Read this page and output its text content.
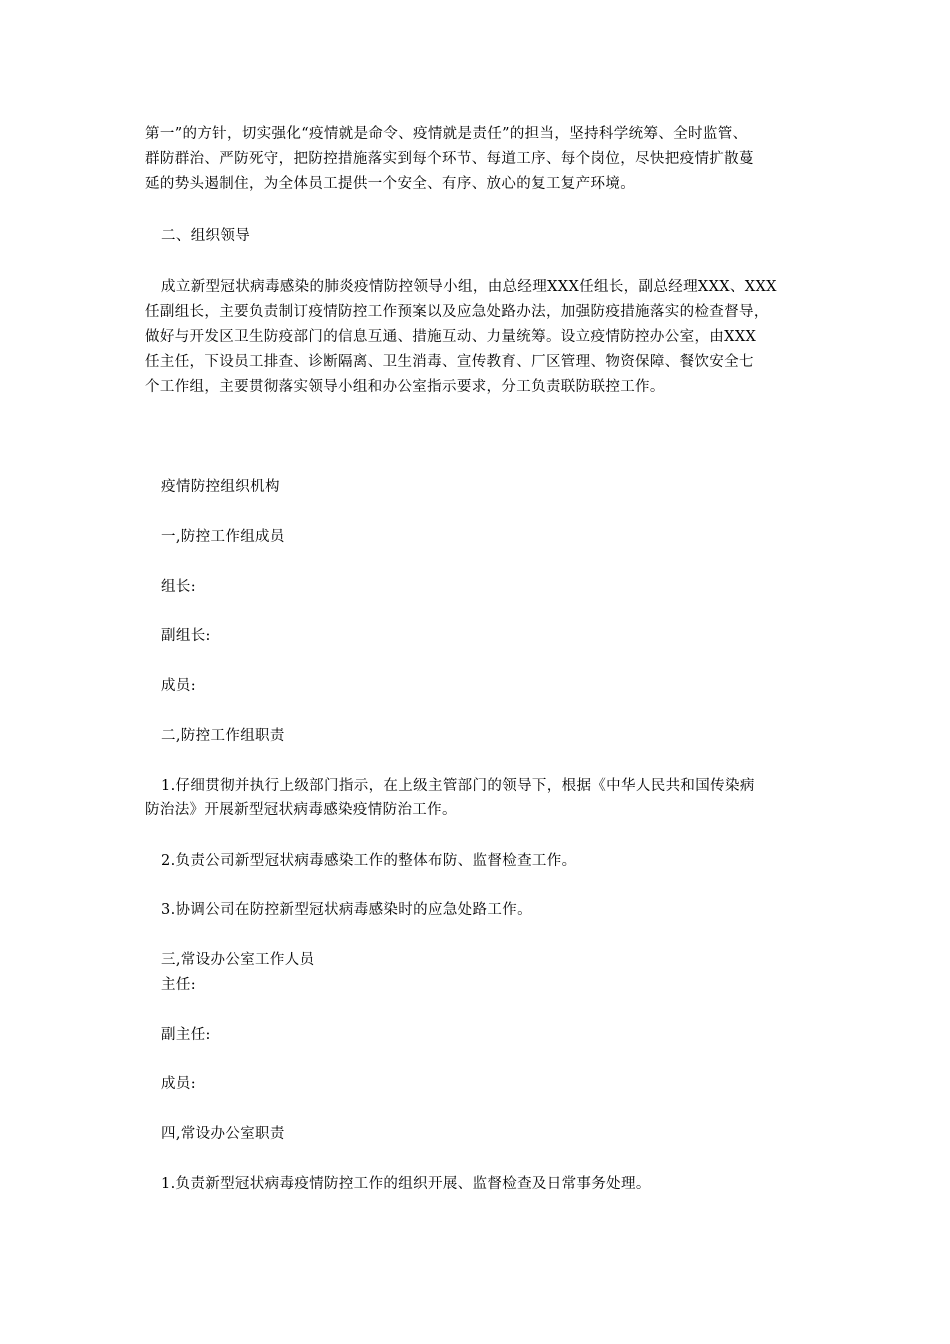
第一”的方针，切实强化“疫情就是命令、疫情就是责任”的担当，坚持科学统筹、全时监管、
群防群治、严防死守，把防控措施落实到每个环节、每道工序、每个岗位，尽快把疫情扩散蔓
延的势头遏制住，为全体员工提供一个安全、有序、放心的复工复产环境。
二、组织领导
成立新型冠状病毒感染的肺炎疫情防控领导小组，由总经理XXX任组长，副总经理XXX、XXX
任副组长，主要负责制订疫情防控工作预案以及应急处路办法，加强防疫措施落实的检查督导，
做好与开发区卫生防疫部门的信息互通、措施互动、力量统筹。设立疫情防控办公室，由XXX
任主任，下设员工排查、诊断隔离、卫生消毒、宣传教育、厂区管理、物资保障、餐饮安全七
个工作组，主要贯彻落实领导小组和办公室指示要求，分工负责联防联控工作。
疫情防控组织机构
一,防控工作组成员
组长:
副组长:
成员:
二,防控工作组职责
1.仔细贯彻并执行上级部门指示，在上级主管部门的领导下，根据《中华人民共和国传染病
防治法》开展新型冠状病毒感染疫情防治工作。
2.负责公司新型冠状病毒感染工作的整体布防、监督检查工作。
3.协调公司在防控新型冠状病毒感染时的应急处路工作。
三,常设办公室工作人员
主任:
副主任:
成员:
四,常设办公室职责
1.负责新型冠状病毒疫情防控工作的组织开展、监督检查及日常事务处理。
